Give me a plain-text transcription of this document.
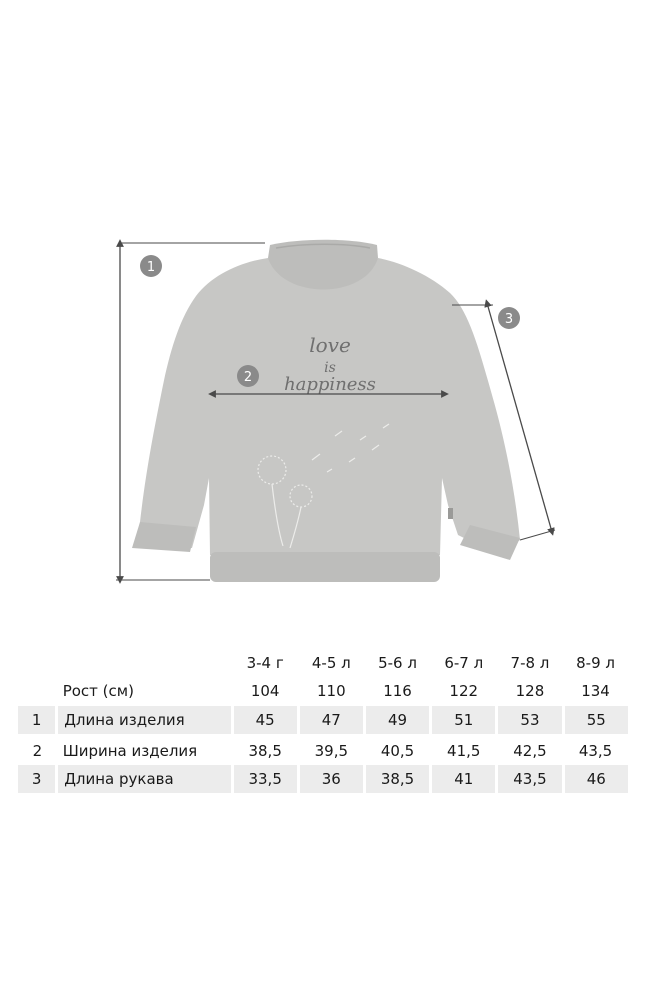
love
is
happiness
1
2
3
		3-4 г	4-5 л	5-6 л	6-7 л	7-8 л	8-9 л
	Рост (см)	104	110	116	122	128	134
1	Длина изделия	45	47	49	51	53	55
2	Ширина изделия	38,5	39,5	40,5	41,5	42,5	43,5
3	Длина рукава	33,5	36	38,5	41	43,5	46
